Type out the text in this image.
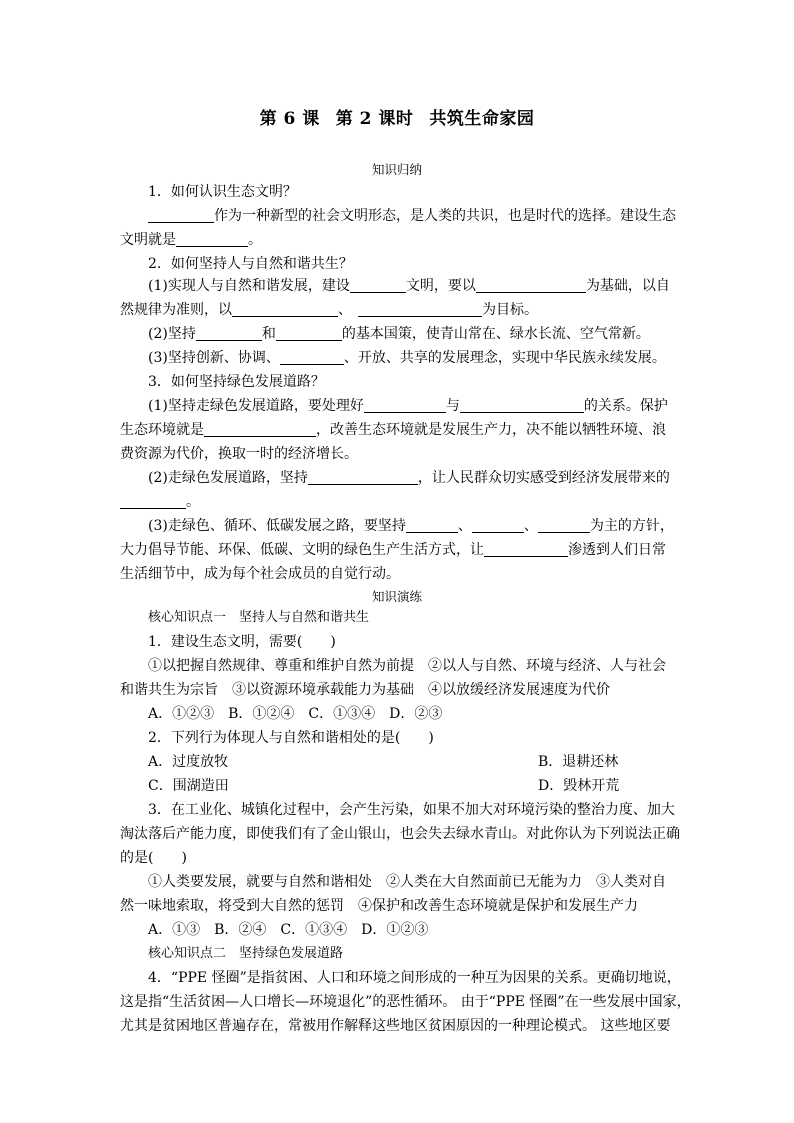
第 6 课 第 2 课时 共筑生命家园
知识归纳
1．如何认识生态文明？
作为一种新型的社会文明形态，是人类的共识，也是时代的选择。建设生态
文明就是	。
2．如何坚持人与自然和谐共生？
(1)实现人与自然和谐发展，建设	文明，要以	为基础，以自
然规律为准则，以	、	为目标。
(2)坚持	和	的基本国策，使青山常在、绿水长流、空气常新。
(3)坚持创新、协调、	、开放、共享的发展理念，实现中华民族永续发展。
3．如何坚持绿色发展道路？
(1)坚持走绿色发展道路，要处理好	与	的关系。保护
生态环境就是	，改善生态环境就是发展生产力，决不能以牺牲环境、浪
费资源为代价，换取一时的经济增长。
(2)走绿色发展道路，坚持	，让人民群众切实感受到经济发展带来的
。
(3)走绿色、循环、低碳发展之路，要坚持	、	、	为主的方针，
大力倡导节能、环保、低碳、文明的绿色生产生活方式，让	渗透到人们日常
生活细节中，成为每个社会成员的自觉行动。
知识演练
核心知识点一　坚持人与自然和谐共生
1．建设生态文明，需要(　　)
①以把握自然规律、尊重和维护自然为前提　②以人与自然、环境与经济、人与社会
和谐共生为宗旨　③以资源环境承载能力为基础　④以放缓经济发展速度为代价
A．①②③　B．①②④　C．①③④　D．②③
2．下列行为体现人与自然和谐相处的是(　　)
A．过度放牧	B．退耕还林
C．围湖造田	D．毁林开荒
3．在工业化、城镇化过程中，会产生污染，如果不加大对环境污染的整治力度、加大
淘汰落后产能力度，即使我们有了金山银山，也会失去绿水青山。对此你认为下列说法正确
的是(　　)
①人类要发展，就要与自然和谐相处　②人类在大自然面前已无能为力　③人类对自
然一味地索取，将受到大自然的惩罚　④保护和改善生态环境就是保护和发展生产力
A．①③　B．②④　C．①③④　D．①②③
核心知识点二　坚持绿色发展道路
4．“PPE 怪圈”是指贫困、人口和环境之间形成的一种互为因果的关系。更确切地说，
这是指“生活贫困—人口增长—环境退化”的恶性循环。 由于“PPE 怪圈”在一些发展中国家，
尤其是贫困地区普遍存在，常被用作解释这些地区贫困原因的一种理论模式。 这些地区要
